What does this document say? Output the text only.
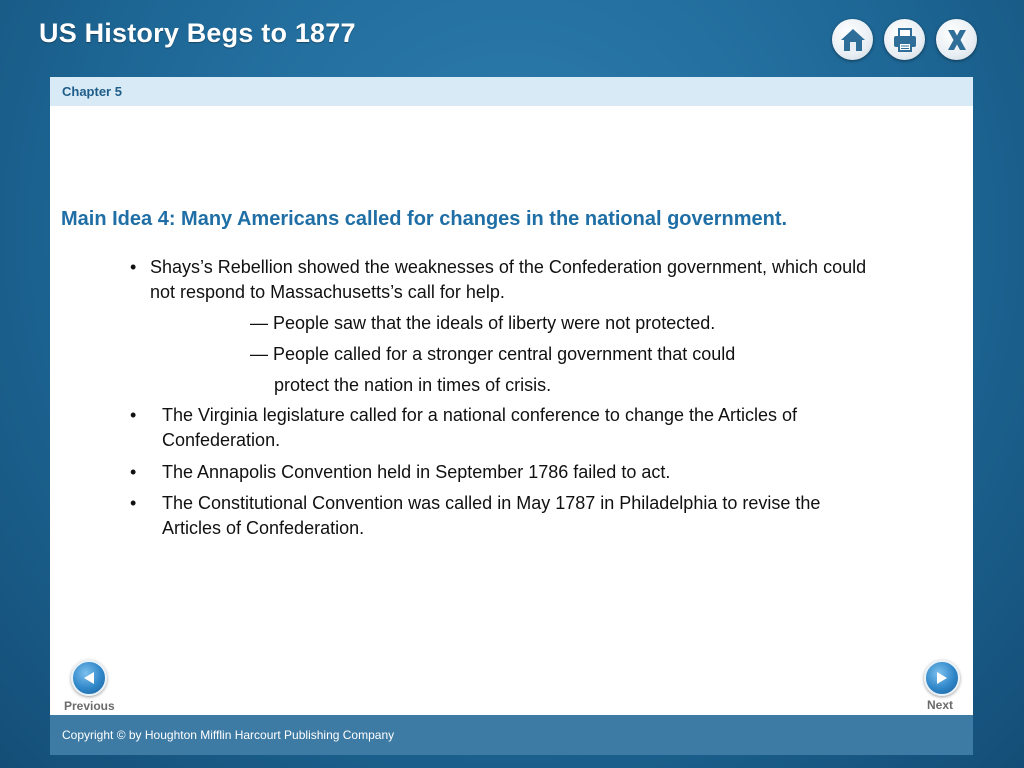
US History Begs to 1877
Chapter 5
Main Idea 4: Many Americans called for changes in the national government.
• Shays’s Rebellion showed the weaknesses of the Confederation government, which could
not respond to Massachusetts’s call for help.
— People saw that the ideals of liberty were not protected.
— People called for a stronger central government that could
protect the nation in times of crisis.
• The Virginia legislature called for a national conference to change the Articles of
Confederation.
• The Annapolis Convention held in September 1786 failed to act.
• The Constitutional Convention was called in May 1787 in Philadelphia to revise the
Articles of Confederation.
Previous	Next
Copyright © by Houghton Mifflin Harcourt Publishing Company
